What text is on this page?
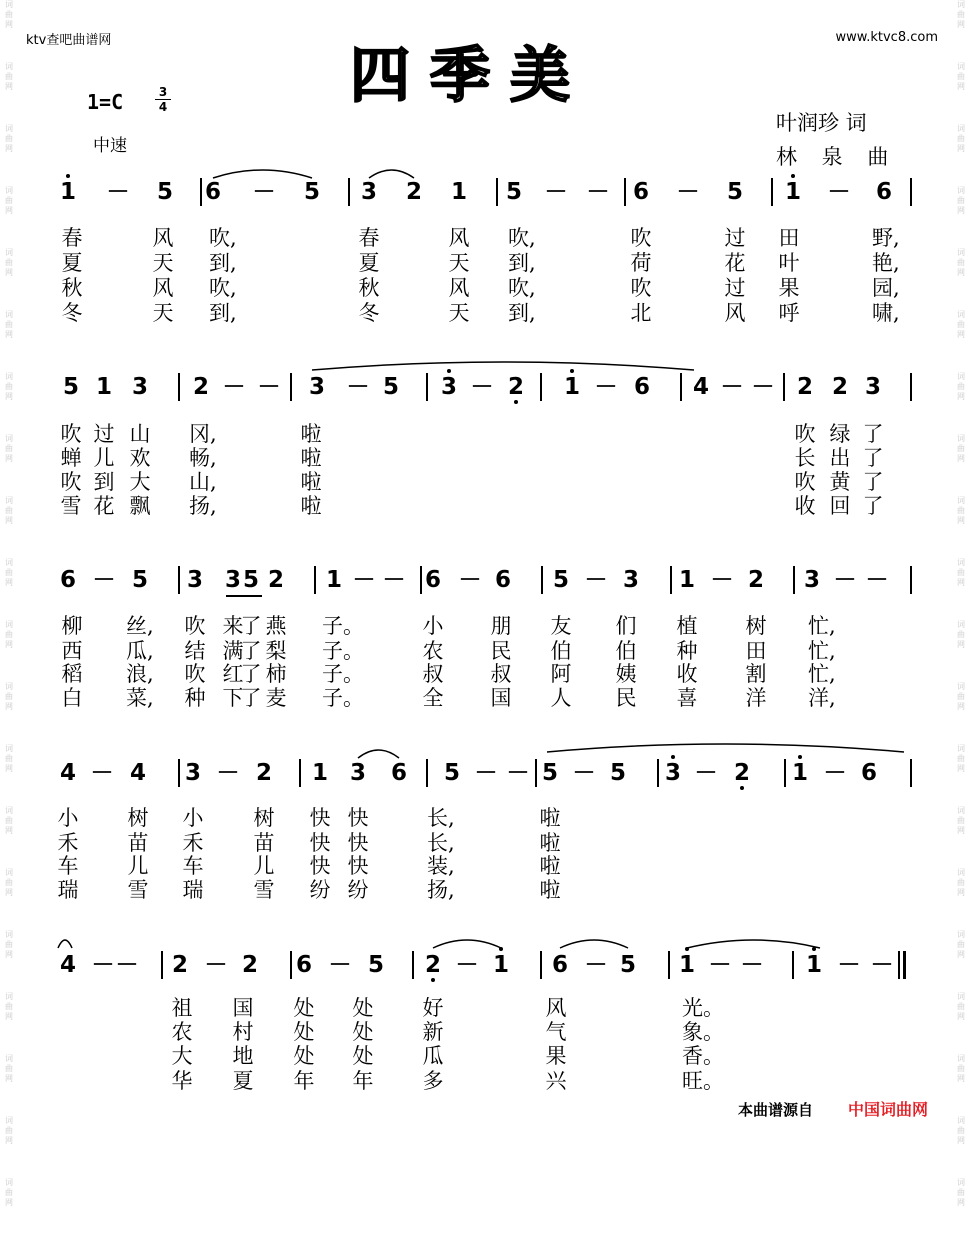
词
曲
网
词
曲
网
词
曲
网
词
曲
网
词
曲
网
词
曲
网
词
曲
网
词
曲
网
词
曲
网
词
曲
网
词
曲
网
词
曲
网
词
曲
网
词
曲
网
词
曲
网
词
曲
网
词
曲
网
词
曲
网
词
曲
网
词
曲
网
词
曲
网
词
曲
网
词
曲
网
词
曲
网
词
曲
网
词
曲
网
词
曲
网
词
曲
网
词
曲
网
词
曲
网
词
曲
网
词
曲
网
词
曲
网
词
曲
网
词
曲
网
词
曲
网
词
曲
网
词
曲
网
词
曲
网
词
曲
网
ktv查吧曲谱网	www.ktvc8.com
四季美
1=C	3
4
中速
叶润珍 词
林 泉 曲
1 － 5 6 － 5 3 2 1 5 － － 6 － 5 1 － 6
春	风 吹,	春	风 吹,	吹	过 田	野,
夏	天 到,	夏	天 到,	荷	花 叶	艳,
秋	风 吹,	秋	风 吹,	吹	过 果	园,
冬	天 到,	冬	天 到,	北	风 呼	啸,
5 1 3 2 － － 3 － 5 3 － 2 1 － 6 4 － － 2 2 3
吹 过 山 冈,	啦	吹 绿 了
蝉 儿 欢 畅,	啦	长 出 了
吹 到 大 山,	啦	吹 黄 了
雪 花 飘 扬,	啦	收 回 了
6 － 5 3 3 5 2 1 － － 6 － 6 5 － 3 1 － 2 3 － －
柳 丝, 吹 来
了 燕 子。	小 朋 友 们 植 树 忙,
西 瓜, 结 满
了 梨 子。	农 民 伯 伯 种 田 忙,
稻 浪, 吹 红
了 柿 子。	叔 叔 阿 姨 收 割 忙,
白 菜, 种 下
了 麦 子。	全 国 人 民 喜 洋 洋,
4 － 4 3 － 2 1 3 6 5 － － 5 － 5 3 － 2 1 － 6
小 树 小 树 快 快	长,	啦
禾 苗 禾 苗 快 快	长,	啦
车 儿 车 儿 快 快	装,	啦
瑞 雪 瑞 雪 纷 纷	扬,	啦
4 － － 2 － 2 6 － 5 2 － 1 6 － 5 1 － － 1 － －
祖 国 处 处 好	风	光。
农 村 处 处 新	气	象。
大 地 处 处 瓜	果	香。
华 夏 年 年 多	兴	旺。
本曲谱源自 中国词曲网
